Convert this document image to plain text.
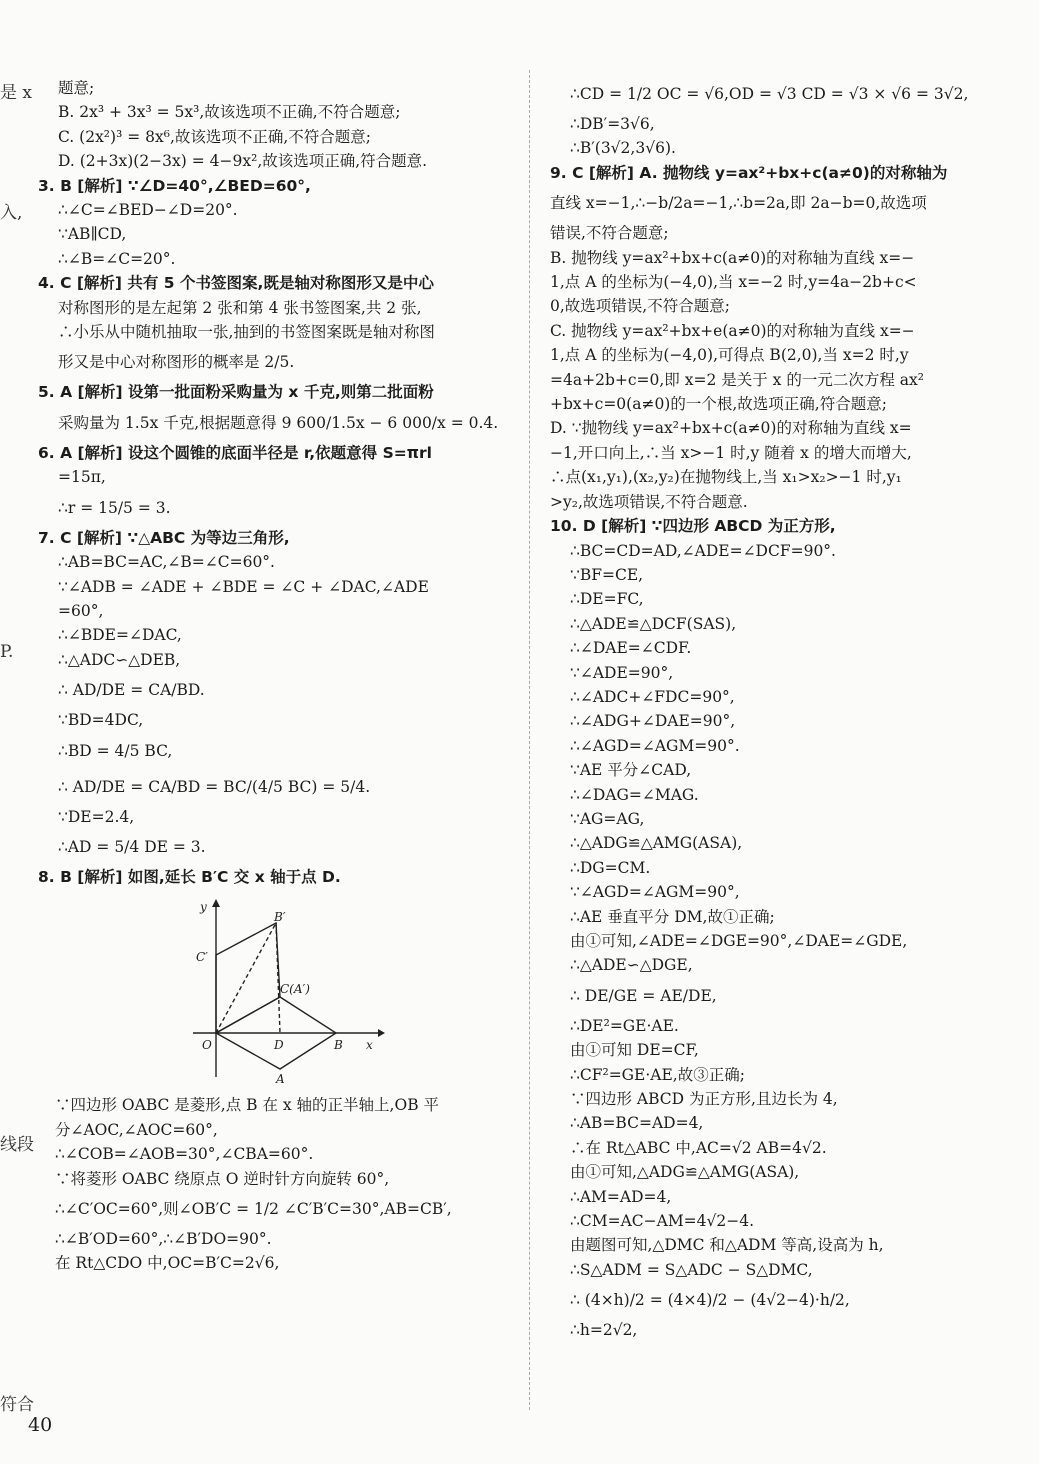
是 x
入,
P.
线段
符合
题意;
B. 2x³ + 3x³ = 5x³,故该选项不正确,不符合题意;
C. (2x²)³ = 8x⁶,故该选项不正确,不符合题意;
D. (2+3x)(2−3x) = 4−9x²,故该选项正确,符合题意.
3. B [解析] ∵∠D=40°,∠BED=60°,
∴∠C=∠BED−∠D=20°.
∵AB∥CD,
∴∠B=∠C=20°.
4. C [解析] 共有 5 个书签图案,既是轴对称图形又是中心
对称图形的是左起第 2 张和第 4 张书签图案,共 2 张,
∴小乐从中随机抽取一张,抽到的书签图案既是轴对称图
形又是中心对称图形的概率是 2/5.
5. A [解析] 设第一批面粉采购量为 x 千克,则第二批面粉
采购量为 1.5x 千克,根据题意得 9 600/1.5x − 6 000/x = 0.4.
6. A [解析] 设这个圆锥的底面半径是 r,依题意得 S=πrl
=15π,
∴r = 15/5 = 3.
7. C [解析] ∵△ABC 为等边三角形,
∴AB=BC=AC,∠B=∠C=60°.
∵∠ADB = ∠ADE + ∠BDE = ∠C + ∠DAC,∠ADE
=60°,
∴∠BDE=∠DAC,
∴△ADC∽△DEB,
∴ AD/DE = CA/BD.
∵BD=4DC,
∴BD = 4/5 BC,
∴ AD/DE = CA/BD = BC/(4/5 BC) = 5/4.
∵DE=2.4,
∴AD = 5/4 DE = 3.
8. B [解析] 如图,延长 B′C 交 x 轴于点 D.
y
x
O
B′
C′
C(A′)
D	B
A
∵四边形 OABC 是菱形,点 B 在 x 轴的正半轴上,OB 平
分∠AOC,∠AOC=60°,
∴∠COB=∠AOB=30°,∠CBA=60°.
∵将菱形 OABC 绕原点 O 逆时针方向旋转 60°,
∴∠C′OC=60°,则∠OB′C = 1/2 ∠C′B′C=30°,AB=CB′,
∴∠B′OD=60°,∴∠B′DO=90°.
在 Rt△CDO 中,OC=B′C=2√6,
∴CD = 1/2 OC = √6,OD = √3 CD = √3 × √6 = 3√2,
∴DB′=3√6,
∴B′(3√2,3√6).
9. C [解析] A. 抛物线 y=ax²+bx+c(a≠0)的对称轴为
直线 x=−1,∴−b/2a=−1,∴b=2a,即 2a−b=0,故选项
错误,不符合题意;
B. 抛物线 y=ax²+bx+c(a≠0)的对称轴为直线 x=−
1,点 A 的坐标为(−4,0),当 x=−2 时,y=4a−2b+c<
0,故选项错误,不符合题意;
C. 抛物线 y=ax²+bx+e(a≠0)的对称轴为直线 x=−
1,点 A 的坐标为(−4,0),可得点 B(2,0),当 x=2 时,y
=4a+2b+c=0,即 x=2 是关于 x 的一元二次方程 ax²
+bx+c=0(a≠0)的一个根,故选项正确,符合题意;
D. ∵抛物线 y=ax²+bx+c(a≠0)的对称轴为直线 x=
−1,开口向上,∴当 x>−1 时,y 随着 x 的增大而增大,
∴点(x₁,y₁),(x₂,y₂)在抛物线上,当 x₁>x₂>−1 时,y₁
>y₂,故选项错误,不符合题意.
10. D [解析] ∵四边形 ABCD 为正方形,
∴BC=CD=AD,∠ADE=∠DCF=90°.
∵BF=CE,
∴DE=FC,
∴△ADE≌△DCF(SAS),
∴∠DAE=∠CDF.
∵∠ADE=90°,
∴∠ADC+∠FDC=90°,
∴∠ADG+∠DAE=90°,
∴∠AGD=∠AGM=90°.
∵AE 平分∠CAD,
∴∠DAG=∠MAG.
∵AG=AG,
∴△ADG≌△AMG(ASA),
∴DG=CM.
∵∠AGD=∠AGM=90°,
∴AE 垂直平分 DM,故①正确;
由①可知,∠ADE=∠DGE=90°,∠DAE=∠GDE,
∴△ADE∽△DGE,
∴ DE/GE = AE/DE,
∴DE²=GE·AE.
由①可知 DE=CF,
∴CF²=GE·AE,故③正确;
∵四边形 ABCD 为正方形,且边长为 4,
∴AB=BC=AD=4,
∴在 Rt△ABC 中,AC=√2 AB=4√2.
由①可知,△ADG≌△AMG(ASA),
∴AM=AD=4,
∴CM=AC−AM=4√2−4.
由题图可知,△DMC 和△ADM 等高,设高为 h,
∴S△ADM = S△ADC − S△DMC,
∴ (4×h)/2 = (4×4)/2 − (4√2−4)·h/2,
∴h=2√2,
40
